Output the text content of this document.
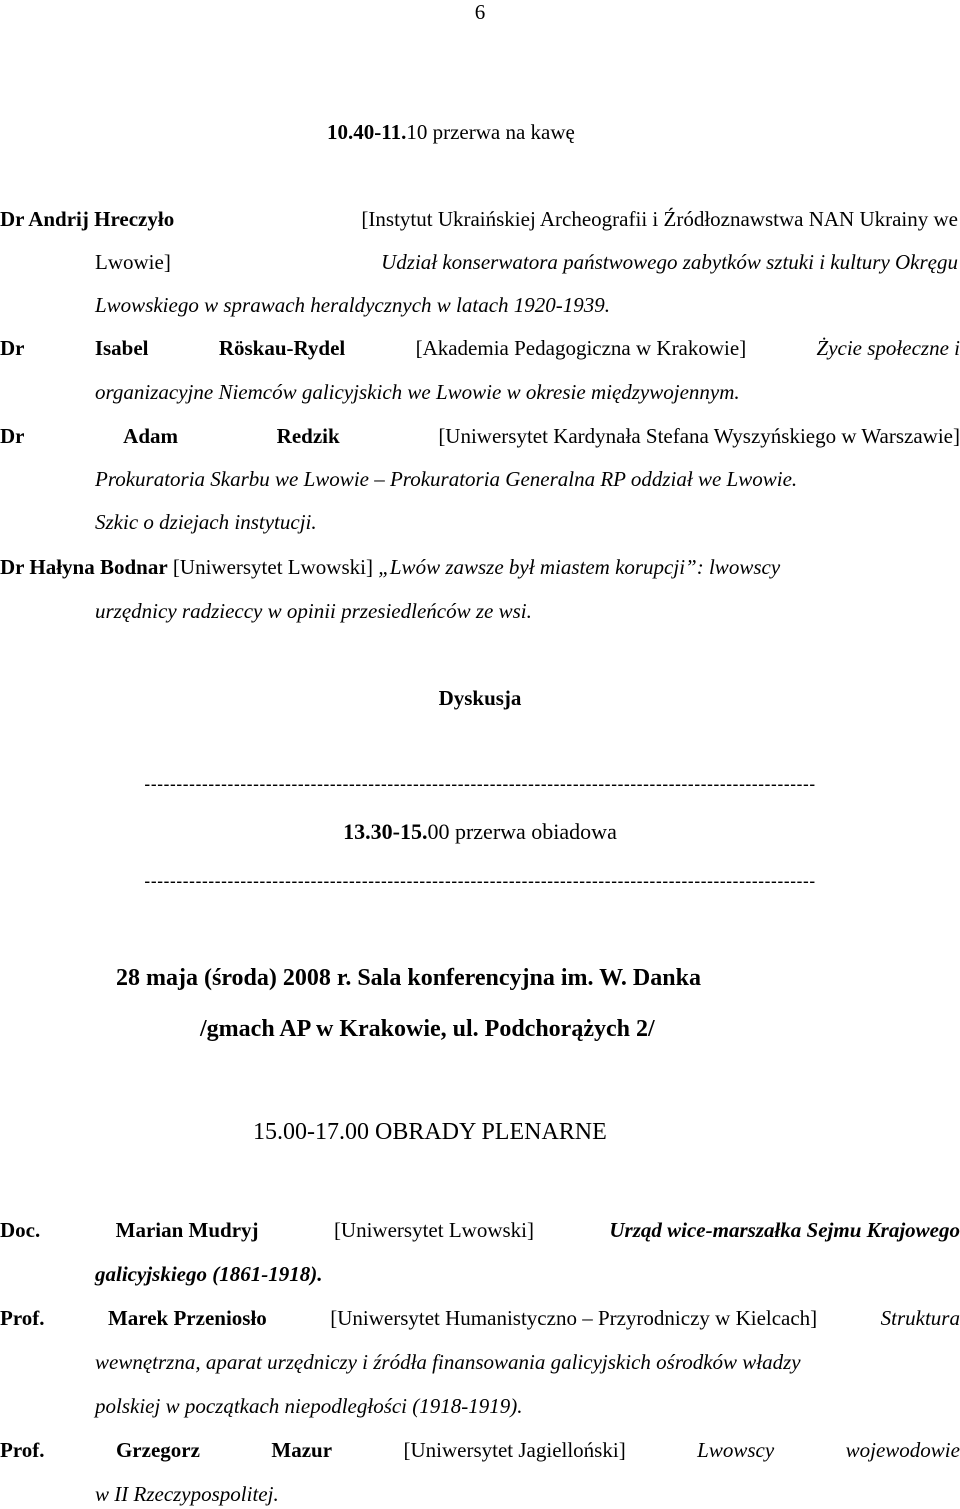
6
10.40-11.10 przerwa na kawę
Dr Andrij Hreczyło	[Instytut Ukraińskiej Archeografii i Źródłoznawstwa NAN Ukrainy we
Lwowie]	Udział konserwatora państwowego zabytków sztuki i kultury Okręgu
Lwowskiego w sprawach heraldycznych w latach 1920-1939.
Dr	Isabel	Röskau-Rydel	[Akademia Pedagogiczna w Krakowie]	Życie społeczne i
organizacyjne Niemców galicyjskich we Lwowie w okresie międzywojennym.
Dr	Adam	Redzik	[Uniwersytet Kardynała Stefana Wyszyńskiego w Warszawie]
Prokuratoria Skarbu we Lwowie – Prokuratoria Generalna RP oddział we Lwowie.
Szkic o dziejach instytucji.
Dr Hałyna Bodnar [Uniwersytet Lwowski] „Lwów zawsze był miastem korupcji”: lwowscy
urzędnicy radzieccy w opinii przesiedleńców ze wsi.
Dyskusja
---------------------------------------------------------------------------------------------------------
13.30-15.00 przerwa obiadowa
---------------------------------------------------------------------------------------------------------
28 maja (środa) 2008 r. Sala konferencyjna im. W. Danka
/gmach AP w Krakowie, ul. Podchorążych 2/
15.00-17.00 OBRADY PLENARNE
Doc.	Marian Mudryj	[Uniwersytet Lwowski]	Urząd wice-marszałka Sejmu Krajowego
galicyjskiego (1861-1918).
Prof.	Marek Przeniosło	[Uniwersytet Humanistyczno – Przyrodniczy w Kielcach]	Struktura
wewnętrzna, aparat urzędniczy i źródła finansowania galicyjskich ośrodków władzy
polskiej w początkach niepodległości (1918-1919).
Prof.	Grzegorz	Mazur	[Uniwersytet Jagielloński]	Lwowscy	wojewodowie
w II Rzeczypospolitej.
